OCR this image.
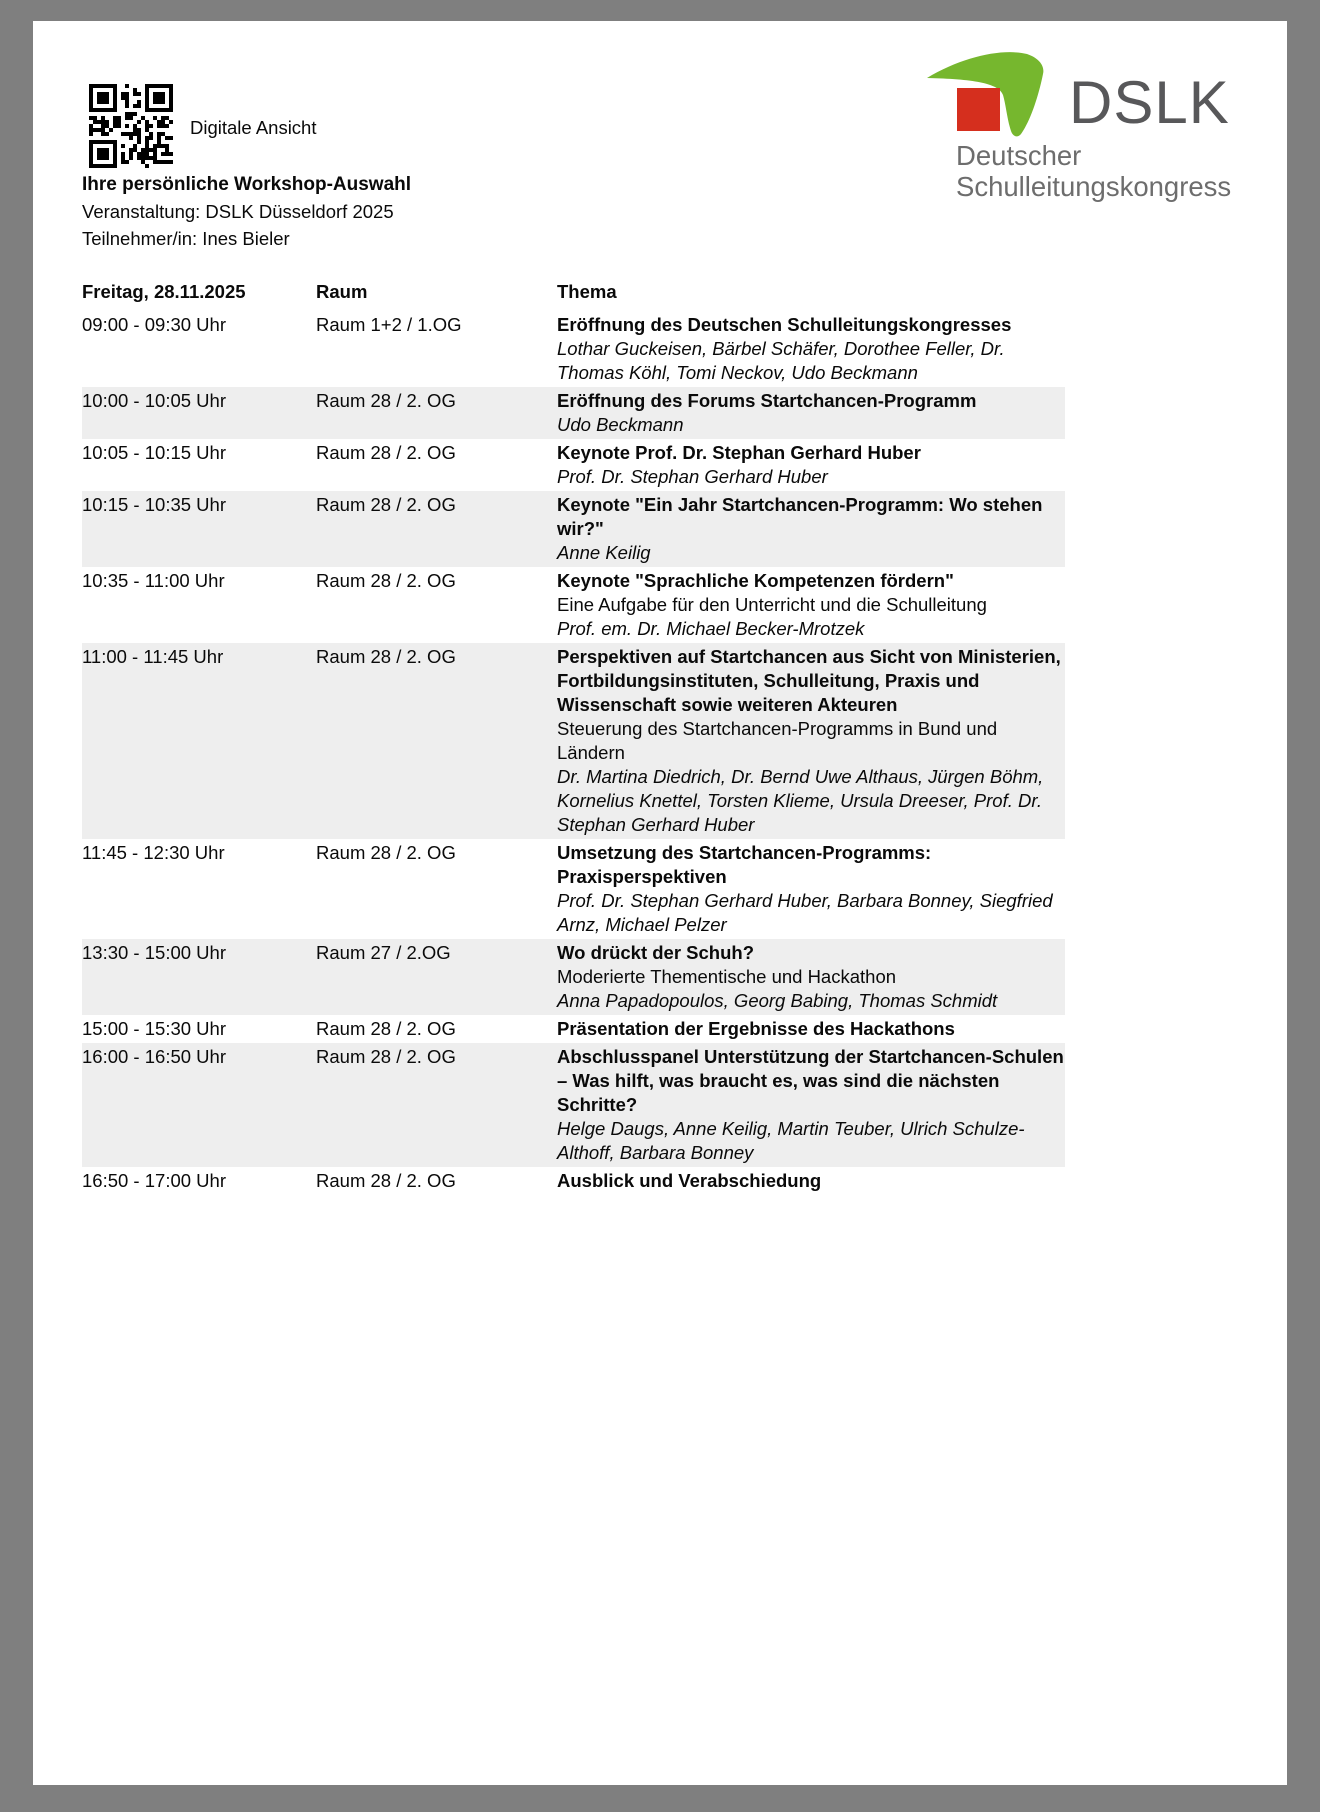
Digitale Ansicht	DSLK
Deutscher
Schulleitungskongress
Ihre persönliche Workshop-Auswahl
Veranstaltung: DSLK Düsseldorf 2025
Teilnehmer/in: Ines Bieler
Freitag, 28.11.2025	Raum	Thema
09:00 - 09:30 Uhr	Raum 1+2 / 1.OG	Eröffnung des Deutschen Schulleitungskongresses
Lothar Guckeisen, Bärbel Schäfer, Dorothee Feller, Dr. Thomas Köhl, Tomi Neckov, Udo Beckmann
10:00 - 10:05 Uhr	Raum 28 / 2. OG	Eröffnung des Forums Startchancen-Programm
Udo Beckmann
10:05 - 10:15 Uhr	Raum 28 / 2. OG	Keynote Prof. Dr. Stephan Gerhard Huber
Prof. Dr. Stephan Gerhard Huber
10:15 - 10:35 Uhr	Raum 28 / 2. OG	Keynote "Ein Jahr Startchancen-Programm: Wo stehen wir?"
Anne Keilig
10:35 - 11:00 Uhr	Raum 28 / 2. OG	Keynote "Sprachliche Kompetenzen fördern"
Eine Aufgabe für den Unterricht und die Schulleitung
Prof. em. Dr. Michael Becker-Mrotzek
11:00 - 11:45 Uhr	Raum 28 / 2. OG	Perspektiven auf Startchancen aus Sicht von Ministerien, Fortbildungsinstituten, Schulleitung, Praxis und Wissenschaft sowie weiteren Akteuren
Steuerung des Startchancen-Programms in Bund und Ländern
Dr. Martina Diedrich, Dr. Bernd Uwe Althaus, Jürgen Böhm, Kornelius Knettel, Torsten Klieme, Ursula Dreeser, Prof. Dr. Stephan Gerhard Huber
11:45 - 12:30 Uhr	Raum 28 / 2. OG	Umsetzung des Startchancen-Programms: Praxisperspektiven
Prof. Dr. Stephan Gerhard Huber, Barbara Bonney, Siegfried Arnz, Michael Pelzer
13:30 - 15:00 Uhr	Raum 27 / 2.OG	Wo drückt der Schuh?
Moderierte Thementische und Hackathon
Anna Papadopoulos, Georg Babing, Thomas Schmidt
15:00 - 15:30 Uhr	Raum 28 / 2. OG	Präsentation der Ergebnisse des Hackathons
16:00 - 16:50 Uhr	Raum 28 / 2. OG	Abschlusspanel Unterstützung der Startchancen-Schulen – Was hilft, was braucht es, was sind die nächsten Schritte?
Helge Daugs, Anne Keilig, Martin Teuber, Ulrich Schulze-Althoff, Barbara Bonney
16:50 - 17:00 Uhr	Raum 28 / 2. OG	Ausblick und Verabschiedung
